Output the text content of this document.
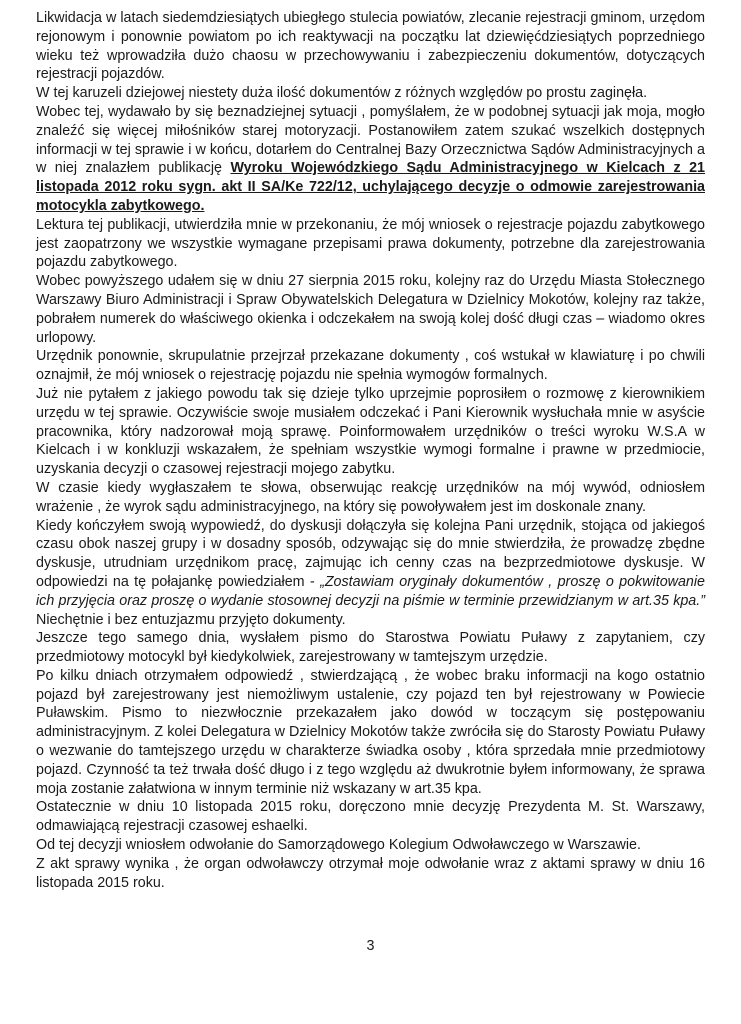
Likwidacja w latach siedemdziesiątych ubiegłego stulecia powiatów, zlecanie rejestracji gminom, urzędom rejonowym i ponownie powiatom po ich reaktywacji na początku lat dziewięćdziesiątych poprzedniego wieku też wprowadziła dużo chaosu w przechowywaniu i zabezpieczeniu dokumentów, dotyczących rejestracji pojazdów.

W tej karuzeli dziejowej niestety duża ilość dokumentów z różnych względów po prostu zaginęła.

Wobec tej, wydawało by się beznadziejnej sytuacji , pomyślałem, że w podobnej sytuacji jak moja, mogło znaleźć się więcej miłośników starej motoryzacji. Postanowiłem zatem szukać wszelkich dostępnych informacji w tej sprawie i w końcu, dotarłem do Centralnej Bazy Orzecznictwa Sądów Administracyjnych a w niej znalazłem publikację Wyroku Wojewódzkiego Sądu Administracyjnego w Kielcach z 21 listopada 2012 roku sygn. akt II SA/Ke 722/12, uchylającego decyzje o odmowie zarejestrowania motocykla zabytkowego.

Lektura tej publikacji, utwierdziła mnie w przekonaniu, że mój wniosek o rejestracje pojazdu zabytkowego jest zaopatrzony we wszystkie wymagane przepisami prawa dokumenty, potrzebne dla zarejestrowania pojazdu zabytkowego.

Wobec powyższego udałem się w dniu 27 sierpnia 2015 roku, kolejny raz do Urzędu Miasta Stołecznego Warszawy Biuro Administracji i Spraw Obywatelskich Delegatura w Dzielnicy Mokotów, kolejny raz także, pobrałem numerek do właściwego okienka i odczekałem na swoją kolej dość długi czas – wiadomo okres urlopowy.

Urzędnik ponownie, skrupulatnie przejrzał przekazane dokumenty , coś wstukał w klawiaturę i po chwili oznajmił, że mój wniosek o rejestrację pojazdu nie spełnia wymogów formalnych.

Już nie pytałem z jakiego powodu tak się dzieje tylko uprzejmie poprosiłem o rozmowę z kierownikiem urzędu w tej sprawie. Oczywiście swoje musiałem odczekać i Pani Kierownik wysłuchała mnie w asyście pracownika, który nadzorował moją sprawę. Poinformowałem urzędników o treści wyroku W.S.A w Kielcach i w konkluzji wskazałem, że spełniam wszystkie wymogi formalne i prawne w przedmiocie, uzyskania decyzji o czasowej rejestracji mojego zabytku.

W czasie kiedy wygłaszałem te słowa, obserwując reakcję urzędników na mój wywód, odniosłem wrażenie , że wyrok sądu administracyjnego, na który się powoływałem jest im doskonale znany.

Kiedy kończyłem swoją wypowiedź, do dyskusji dołączyła się kolejna Pani urzędnik, stojąca od jakiegoś czasu obok naszej grupy i w dosadny sposób, odzywając się do mnie stwierdziła, że prowadzę zbędne dyskusje, utrudniam urzędnikom pracę, zajmując ich cenny czas na bezprzedmiotowe dyskusje. W odpowiedzi na tę połajankę powiedziałem - „Zostawiam oryginały dokumentów , proszę o pokwitowanie ich przyjęcia oraz proszę o wydanie stosownej decyzji na piśmie w terminie przewidzianym w art.35 kpa.” Niechętnie i bez entuzjazmu przyjęto dokumenty.

Jeszcze tego samego dnia, wysłałem pismo do Starostwa Powiatu Puławy z zapytaniem, czy przedmiotowy motocykl był kiedykolwiek, zarejestrowany w tamtejszym urzędzie.

Po kilku dniach otrzymałem odpowiedź , stwierdzającą , że wobec braku informacji na kogo ostatnio pojazd był zarejestrowany jest niemożliwym ustalenie, czy pojazd ten był rejestrowany w Powiecie Puławskim. Pismo to niezwłocznie przekazałem jako dowód w toczącym się postępowaniu administracyjnym. Z kolei Delegatura w Dzielnicy Mokotów także zwróciła się do Starosty Powiatu Puławy o wezwanie do tamtejszego urzędu w charakterze świadka osoby , która sprzedała mnie przedmiotowy pojazd. Czynność ta też trwała dość długo i z tego względu aż dwukrotnie byłem informowany, że sprawa moja zostanie załatwiona w innym terminie niż wskazany w art.35 kpa.

Ostatecznie w dniu 10 listopada 2015 roku, doręczono mnie decyzję Prezydenta M. St. Warszawy, odmawiającą rejestracji czasowej eshaelki.

Od tej decyzji wniosłem odwołanie do Samorządowego Kolegium Odwoławczego w Warszawie.

Z akt sprawy wynika , że organ odwoławczy otrzymał moje odwołanie wraz z aktami sprawy w dniu 16 listopada 2015 roku.

3
